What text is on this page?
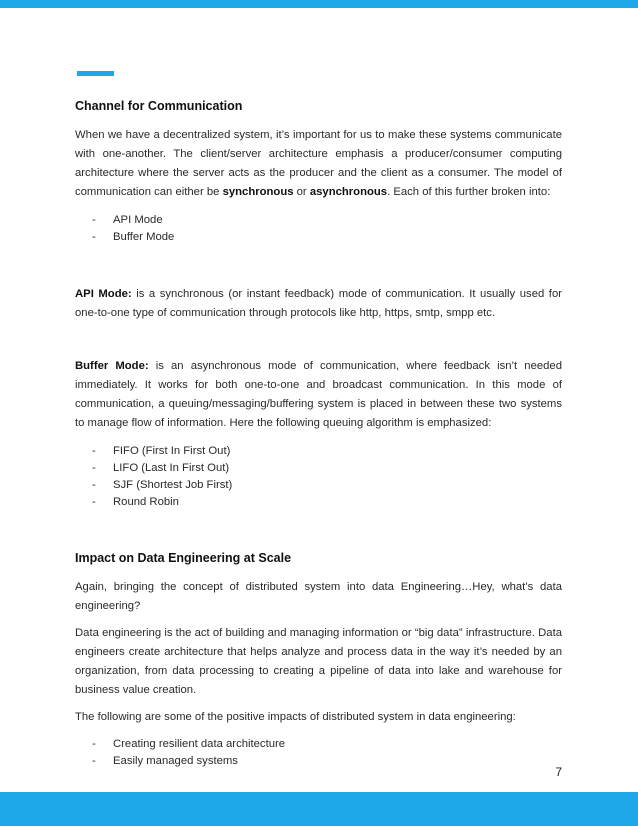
Channel for Communication

When we have a decentralized system, it’s important for us to make these systems communicate with one-another. The client/server architecture emphasis a producer/consumer computing architecture where the server acts as the producer and the client as a consumer. The model of communication can either be synchronous or asynchronous. Each of this further broken into:

- API Mode
- Buffer Mode

API Mode: is a synchronous (or instant feedback) mode of communication. It usually used for one-to-one type of communication through protocols like http, https, smtp, smpp etc.

Buffer Mode: is an asynchronous mode of communication, where feedback isn’t needed immediately. It works for both one-to-one and broadcast communication. In this mode of communication, a queuing/messaging/buffering system is placed in between these two systems to manage flow of information. Here the following queuing algorithm is emphasized:

- FIFO (First In First Out)
- LIFO (Last In First Out)
- SJF (Shortest Job First)
- Round Robin
Impact on Data Engineering at Scale

Again, bringing the concept of distributed system into data Engineering…Hey, what’s data engineering?

Data engineering is the act of building and managing information or “big data” infrastructure. Data engineers create architecture that helps analyze and process data in the way it’s needed by an organization, from data processing to creating a pipeline of data into lake and warehouse for business value creation.

The following are some of the positive impacts of distributed system in data engineering:

- Creating resilient data architecture
- Easily managed systems
7
